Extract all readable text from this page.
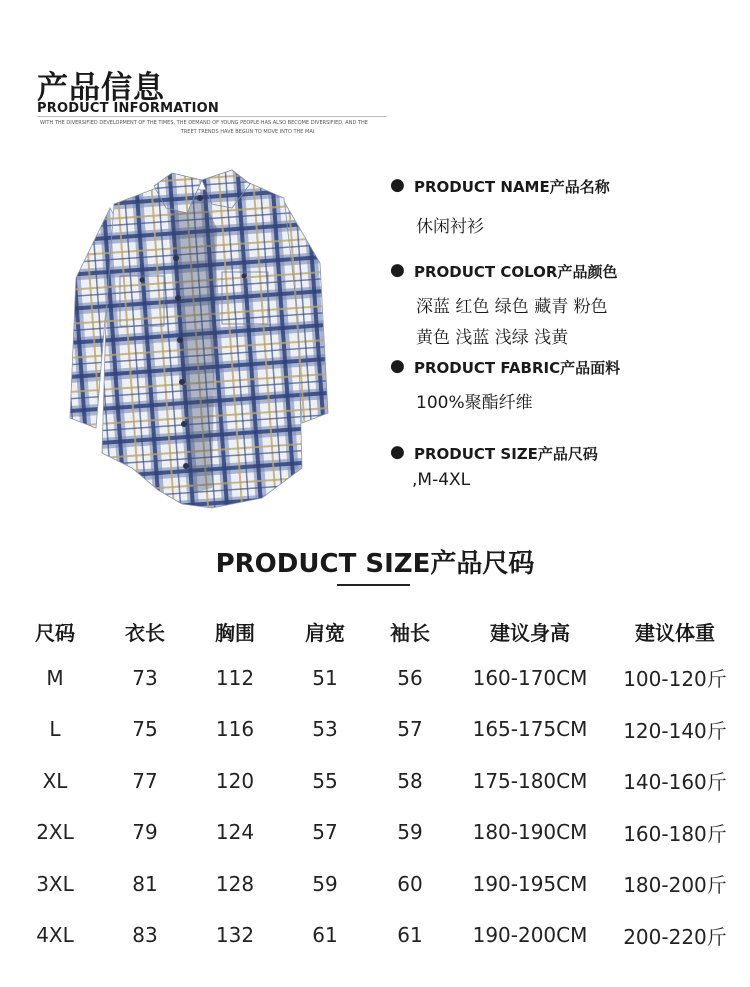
产品信息
PRODUCT INFORMATION
WITH THE DIVERSIFIED DEVELOPMENT OF THE TIMES, THE DEMAND OF YOUNG PEOPLE HAS ALSO BECOME DIVERSIFIED, AND THE
TREET TRENDS HAVE BEGUN TO MOVE INTO THE MAI
● PRODUCT NAME产品名称
休闲衬衫
● PRODUCT COLOR产品颜色
深蓝 红色 绿色 藏青 粉色
黄色 浅蓝 浅绿 浅黄
● PRODUCT FABRIC产品面料
100%聚酯纤维
● PRODUCT SIZE产品尺码
,M-4XL
PRODUCT SIZE产品尺码
尺码	衣长	胸围	肩宽	袖长	建议身高	建议体重
M	73	112	51	56	160-170CM	100-120斤
L	75	116	53	57	165-175CM	120-140斤
XL	77	120	55	58	175-180CM	140-160斤
2XL	79	124	57	59	180-190CM	160-180斤
3XL	81	128	59	60	190-195CM	180-200斤
4XL	83	132	61	61	190-200CM	200-220斤
